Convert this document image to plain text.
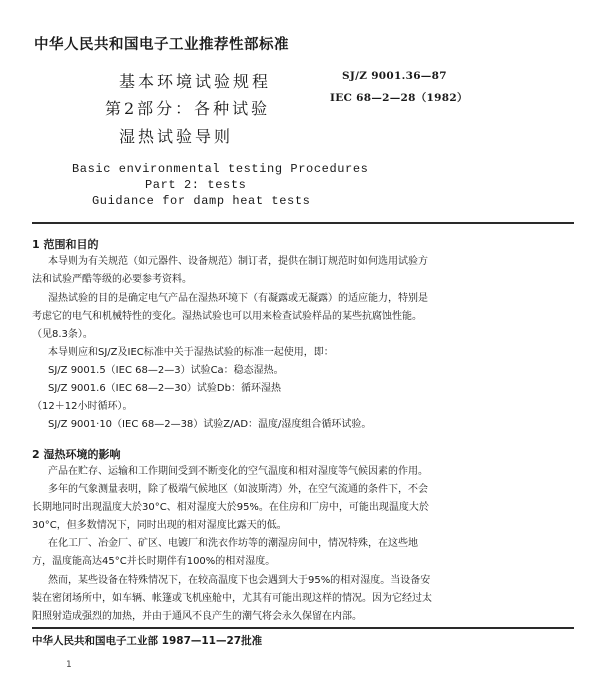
中华人民共和国电子工业推荐性部标准
基本环境试验规程
第2部分：各种试验
湿热试验导则
SJ/Z 9001.36—87
IEC 68—2—28（1982）
Basic environmental testing Procedures
Part 2: tests
Guidance for damp heat tests
1 范围和目的
本导则为有关规范（如元器件、设备规范）制订者，提供在制订规范时如何选用试验方
法和试验严酷等级的必要参考资料。
湿热试验的目的是确定电气产品在湿热环境下（有凝露或无凝露）的适应能力，特别是
考虑它的电气和机械特性的变化。湿热试验也可以用来检查试验样品的某些抗腐蚀性能。
（见8.3条）。
本导则应和SJ/Z及IEC标准中关于湿热试验的标准一起使用，即：
SJ/Z 9001.5（IEC 68—2—3）试验Ca：稳态湿热。
SJ/Z 9001.6（IEC 68—2—30）试验Db：循环湿热
（12＋12小时循环）。
SJ/Z 9001·10（IEC 68—2—38）试验Z/AD：温度/湿度组合循环试验。
2 湿热环境的影响
产品在贮存、运输和工作期间受到不断变化的空气温度和相对湿度等气候因素的作用。
多年的气象测量表明，除了极端气候地区（如波斯湾）外，在空气流通的条件下，不会
长期地同时出现温度大於30°C、相对湿度大於95%。在住房和厂房中，可能出现温度大於
30°C，但多数情况下，同时出现的相对湿度比露天的低。
在化工厂、冶金厂、矿区、电镀厂和洗衣作坊等的潮湿房间中，情况特殊，在这些地
方，温度能高达45°C并长时期伴有100%的相对湿度。
然而，某些设备在特殊情况下，在较高温度下也会遇到大于95%的相对湿度。当设备安
装在密闭场所中，如车辆、帐篷或飞机座舱中，尤其有可能出现这样的情况。因为它经过太
阳照射造成强烈的加热，并由于通风不良产生的潮气将会永久保留在内部。
中华人民共和国电子工业部 1987—11—27批准
1
